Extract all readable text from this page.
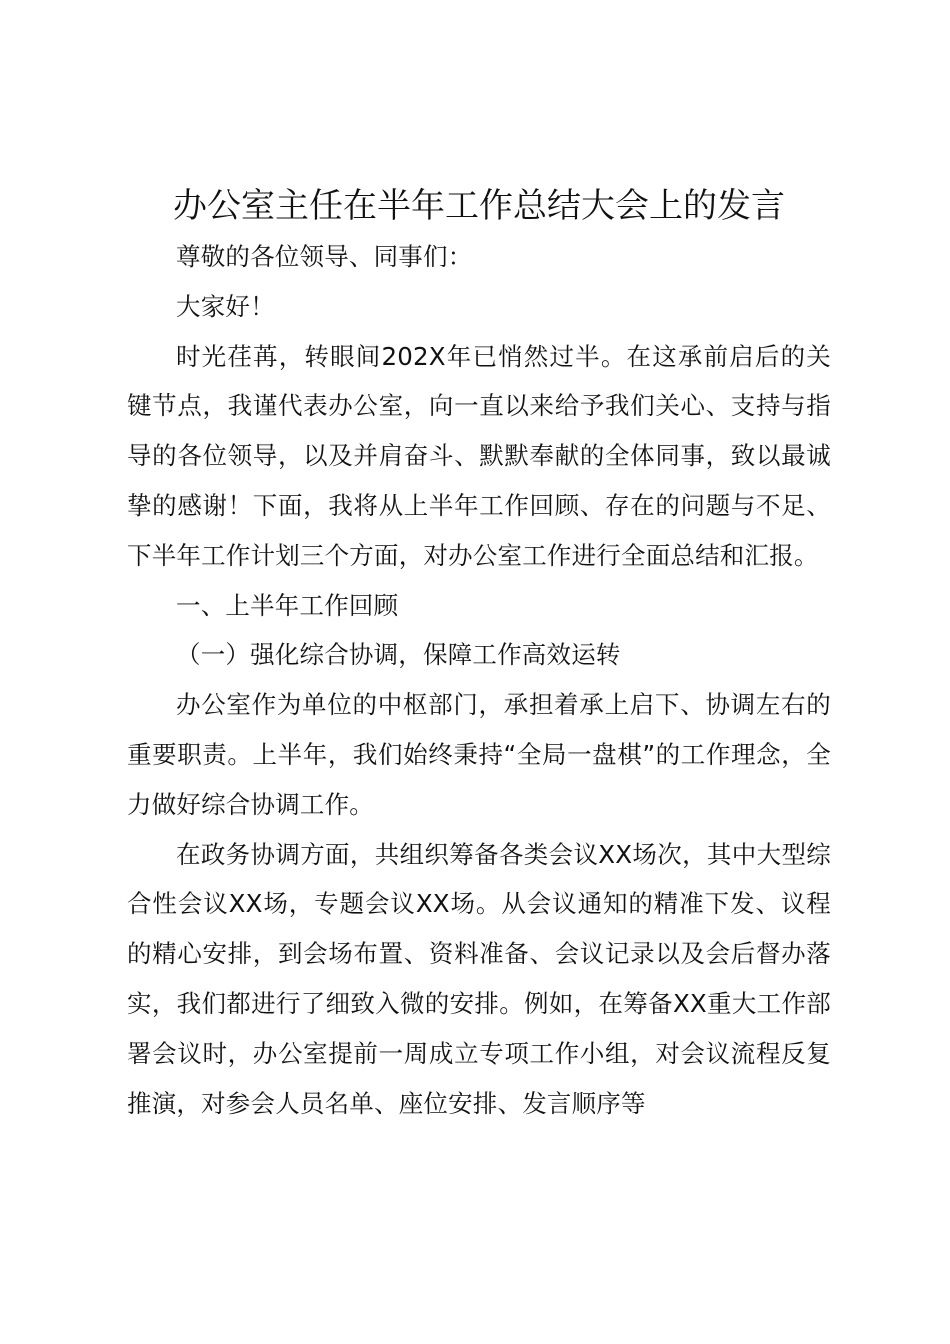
办公室主任在半年工作总结大会上的发言

尊敬的各位领导、同事们：

大家好！

时光荏苒，转眼间202X年已悄然过半。在这承前启后的关键节点，我谨代表办公室，向一直以来给予我们关心、支持与指导的各位领导，以及并肩奋斗、默默奉献的全体同事，致以最诚挚的感谢！下面，我将从上半年工作回顾、存在的问题与不足、下半年工作计划三个方面，对办公室工作进行全面总结和汇报。

一、上半年工作回顾

（一）强化综合协调，保障工作高效运转

办公室作为单位的中枢部门，承担着承上启下、协调左右的重要职责。上半年，我们始终秉持“全局一盘棋”的工作理念，全力做好综合协调工作。

在政务协调方面，共组织筹备各类会议XX场次，其中大型综合性会议XX场，专题会议XX场。从会议通知的精准下发、议程的精心安排，到会场布置、资料准备、会议记录以及会后督办落实，我们都进行了细致入微的安排。例如，在筹备XX重大工作部署会议时，办公室提前一周成立专项工作小组，对会议流程反复推演，对参会人员名单、座位安排、发言顺序等
